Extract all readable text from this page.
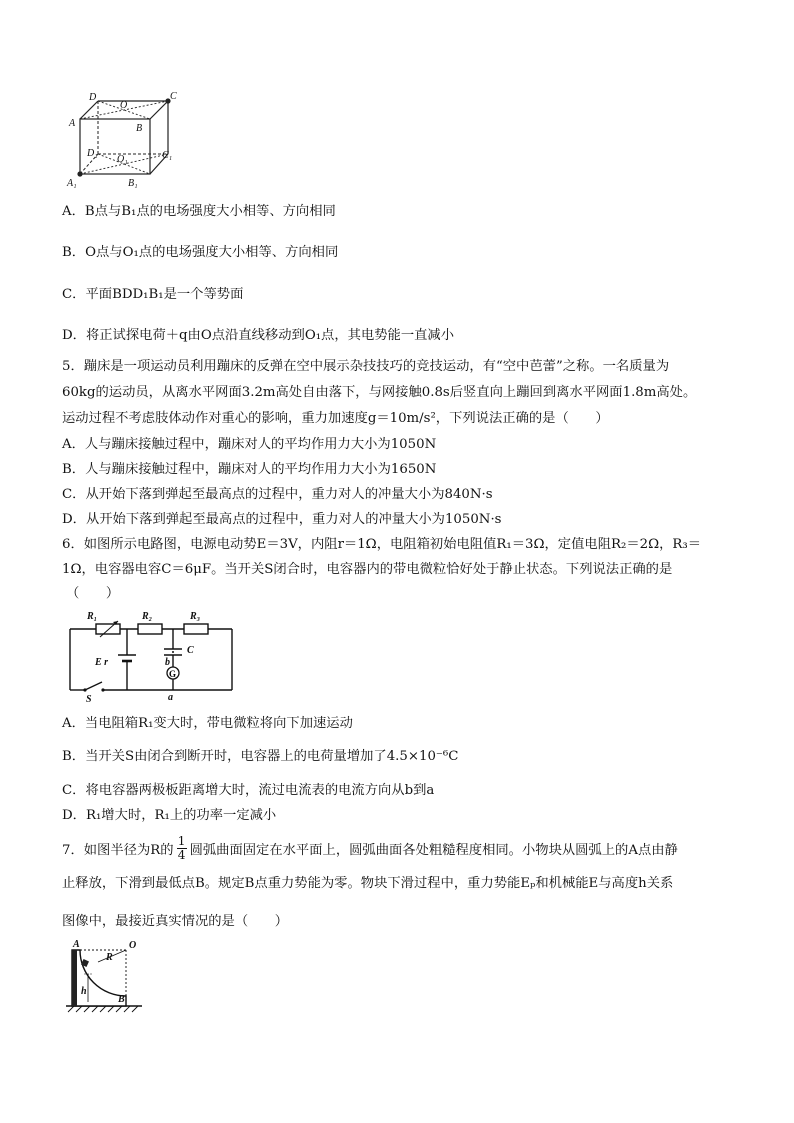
D
O
C
A	B
D₁
O₁	C₁
A₁	B₁
A．B点与B₁点的电场强度大小相等、方向相同
B．O点与O₁点的电场强度大小相等、方向相同
C．平面BDD₁B₁是一个等势面
D．将正试探电荷＋q由O点沿直线移动到O₁点，其电势能一直减小
5．蹦床是一项运动员利用蹦床的反弹在空中展示杂技技巧的竞技运动，有“空中芭蕾”之称。一名质量为
60kg的运动员，从离水平网面3.2m高处自由落下，与网接触0.8s后竖直向上蹦回到离水平网面1.8m高处。
运动过程不考虑肢体动作对重心的影响，重力加速度g＝10m/s²，下列说法正确的是（　　）
A．人与蹦床接触过程中，蹦床对人的平均作用力大小为1050N
B．人与蹦床接触过程中，蹦床对人的平均作用力大小为1650N
C．从开始下落到弹起至最高点的过程中，重力对人的冲量大小为840N·s
D．从开始下落到弹起至最高点的过程中，重力对人的冲量大小为1050N·s
6．如图所示电路图，电源电动势E＝3V，内阻r＝1Ω，电阻箱初始电阻值R₁＝3Ω，定值电阻R₂＝2Ω，R₃＝
1Ω，电容器电容C＝6μF。当开关S闭合时，电容器内的带电微粒恰好处于静止状态。下列说法正确的是
（　　）
R₁	R₂	R₃
E r
C
b
G
a
S
A．当电阻箱R₁变大时，带电微粒将向下加速运动
B．当开关S由闭合到断开时，电容器上的电荷量增加了4.5×10⁻⁶C
C．将电容器两极板距离增大时，流过电流表的电流方向从b到a
D．R₁增大时，R₁上的功率一定减小
7．如图半径为R的
1
4 圆弧曲面固定在水平面上，圆弧曲面各处粗糙程度相同。小物块从圆弧上的A点由静
止释放，下滑到最低点B。规定B点重力势能为零。物块下滑过程中，重力势能Eₚ和机械能E与高度h关系
图像中，最接近真实情况的是（　　）
A	O
R
h
B
